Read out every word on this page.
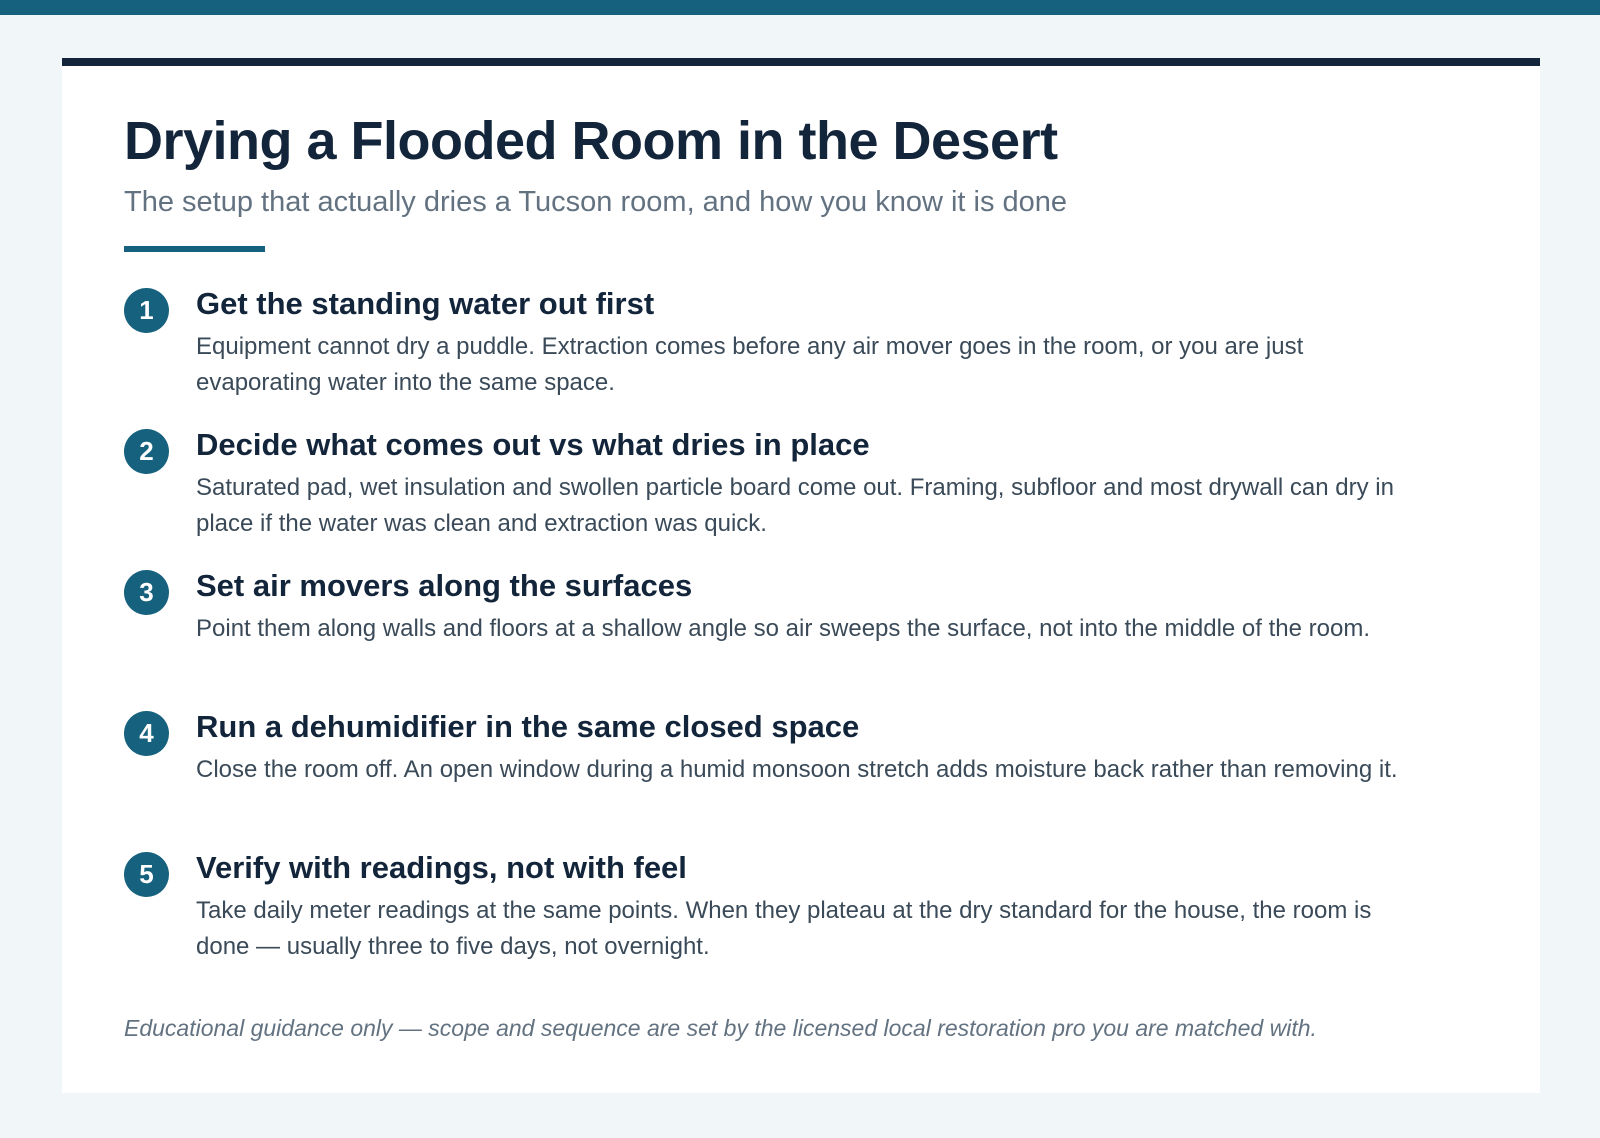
Drying a Flooded Room in the Desert

The setup that actually dries a Tucson room, and how you know it is done

1	Get the standing water out first

Equipment cannot dry a puddle. Extraction comes before any air mover goes in the room, or you are just evaporating water into the same space.

2	Decide what comes out vs what dries in place

Saturated pad, wet insulation and swollen particle board come out. Framing, subfloor and most drywall can dry in place if the water was clean and extraction was quick.

3	Set air movers along the surfaces

Point them along walls and floors at a shallow angle so air sweeps the surface, not into the middle of the room.

4	Run a dehumidifier in the same closed space

Close the room off. An open window during a humid monsoon stretch adds moisture back rather than removing it.

5	Verify with readings, not with feel

Take daily meter readings at the same points. When they plateau at the dry standard for the house, the room is done — usually three to five days, not overnight.

Educational guidance only — scope and sequence are set by the licensed local restoration pro you are matched with.
